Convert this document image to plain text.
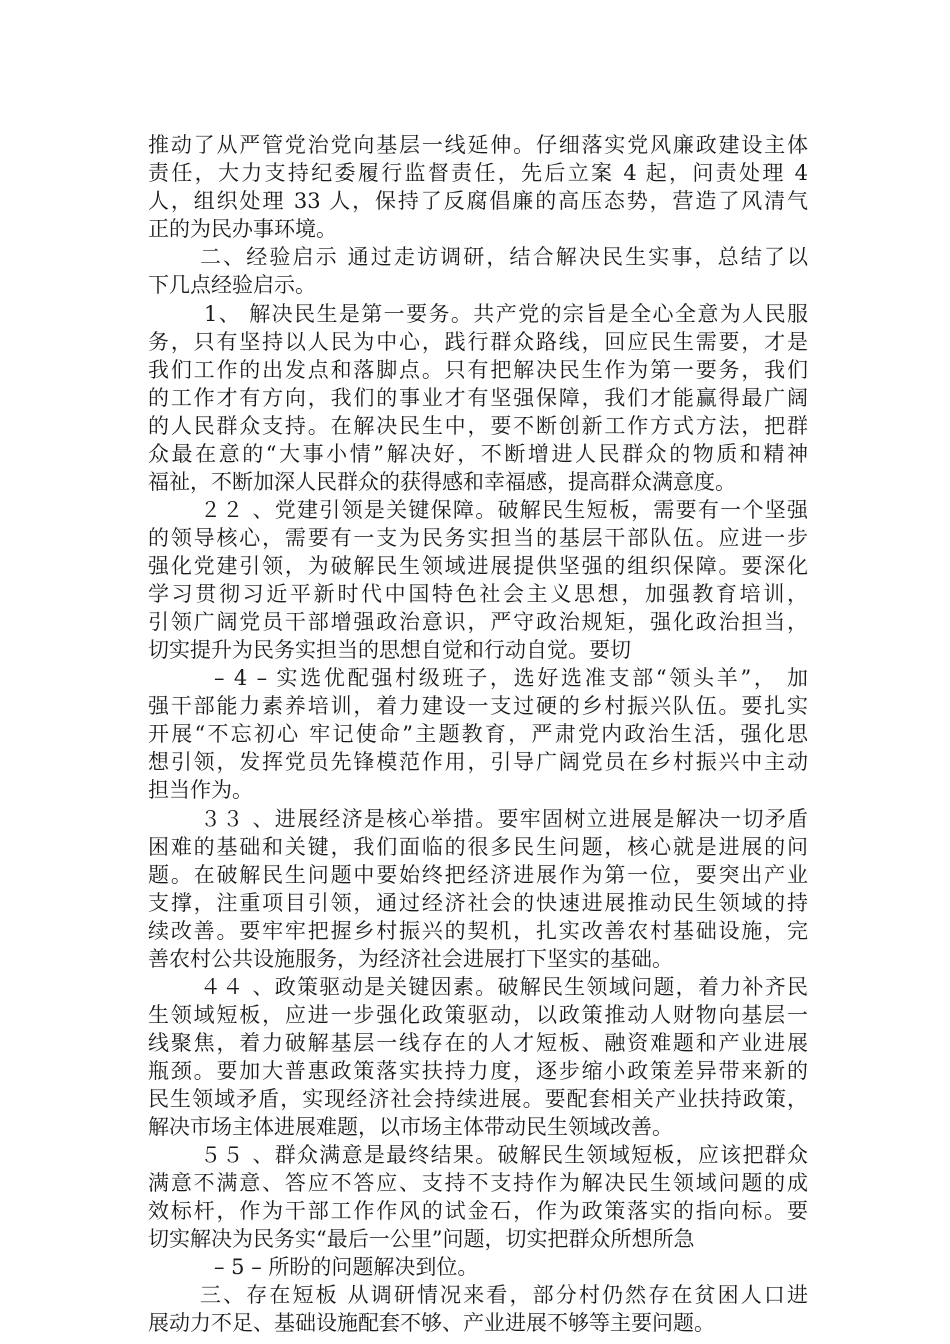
推动了从严管党治党向基层一线延伸。仔细落实党风廉政建设主体
责任，大力支持纪委履行监督责任，先后立案 4 起，问责处理 4
人，组织处理 33 人，保持了反腐倡廉的高压态势，营造了风清气
正的为民办事环境。
二、经验启示 通过走访调研，结合解决民生实事，总结了以
下几点经验启示。
1、 解决民生是第一要务。共产党的宗旨是全心全意为人民服
务，只有坚持以人民为中心，践行群众路线，回应民生需要，才是
我们工作的出发点和落脚点。只有把解决民生作为第一要务，我们
的工作才有方向，我们的事业才有坚强保障，我们才能赢得最广阔
的人民群众支持。在解决民生中，要不断创新工作方式方法，把群
众最在意的“大事小情”解决好，不断增进人民群众的物质和精神
福祉，不断加深人民群众的获得感和幸福感，提高群众满意度。
２２ 、党建引领是关键保障。破解民生短板，需要有一个坚强
的领导核心，需要有一支为民务实担当的基层干部队伍。应进一步
强化党建引领，为破解民生领域进展提供坚强的组织保障。要深化
学习贯彻习近平新时代中国特色社会主义思想，加强教育培训，
引领广阔党员干部增强政治意识，严守政治规矩，强化政治担当，
切实提升为民务实担当的思想自觉和行动自觉。要切
– 4 – 实选优配强村级班子，选好选准支部“领头羊”， 加
强干部能力素养培训，着力建设一支过硬的乡村振兴队伍。要扎实
开展“不忘初心 牢记使命”主题教育，严肃党内政治生活，强化思
想引领，发挥党员先锋模范作用，引导广阔党员在乡村振兴中主动
担当作为。
３３ 、进展经济是核心举措。要牢固树立进展是解决一切矛盾
困难的基础和关键，我们面临的很多民生问题，核心就是进展的问
题。在破解民生问题中要始终把经济进展作为第一位，要突出产业
支撑，注重项目引领，通过经济社会的快速进展推动民生领域的持
续改善。要牢牢把握乡村振兴的契机，扎实改善农村基础设施，完
善农村公共设施服务，为经济社会进展打下坚实的基础。
４４ 、政策驱动是关键因素。破解民生领域问题，着力补齐民
生领域短板，应进一步强化政策驱动，以政策推动人财物向基层一
线聚焦，着力破解基层一线存在的人才短板、融资难题和产业进展
瓶颈。要加大普惠政策落实扶持力度，逐步缩小政策差异带来新的
民生领域矛盾，实现经济社会持续进展。要配套相关产业扶持政策，
解决市场主体进展难题，以市场主体带动民生领域改善。
５５ 、群众满意是最终结果。破解民生领域短板，应该把群众
满意不满意、答应不答应、支持不支持作为解决民生领域问题的成
效标杆，作为干部工作作风的试金石，作为政策落实的指向标。要
切实解决为民务实“最后一公里”问题，切实把群众所想所急
– 5 – 所盼的问题解决到位。
三、存在短板 从调研情况来看，部分村仍然存在贫困人口进
展动力不足、基础设施配套不够、产业进展不够等主要问题。
